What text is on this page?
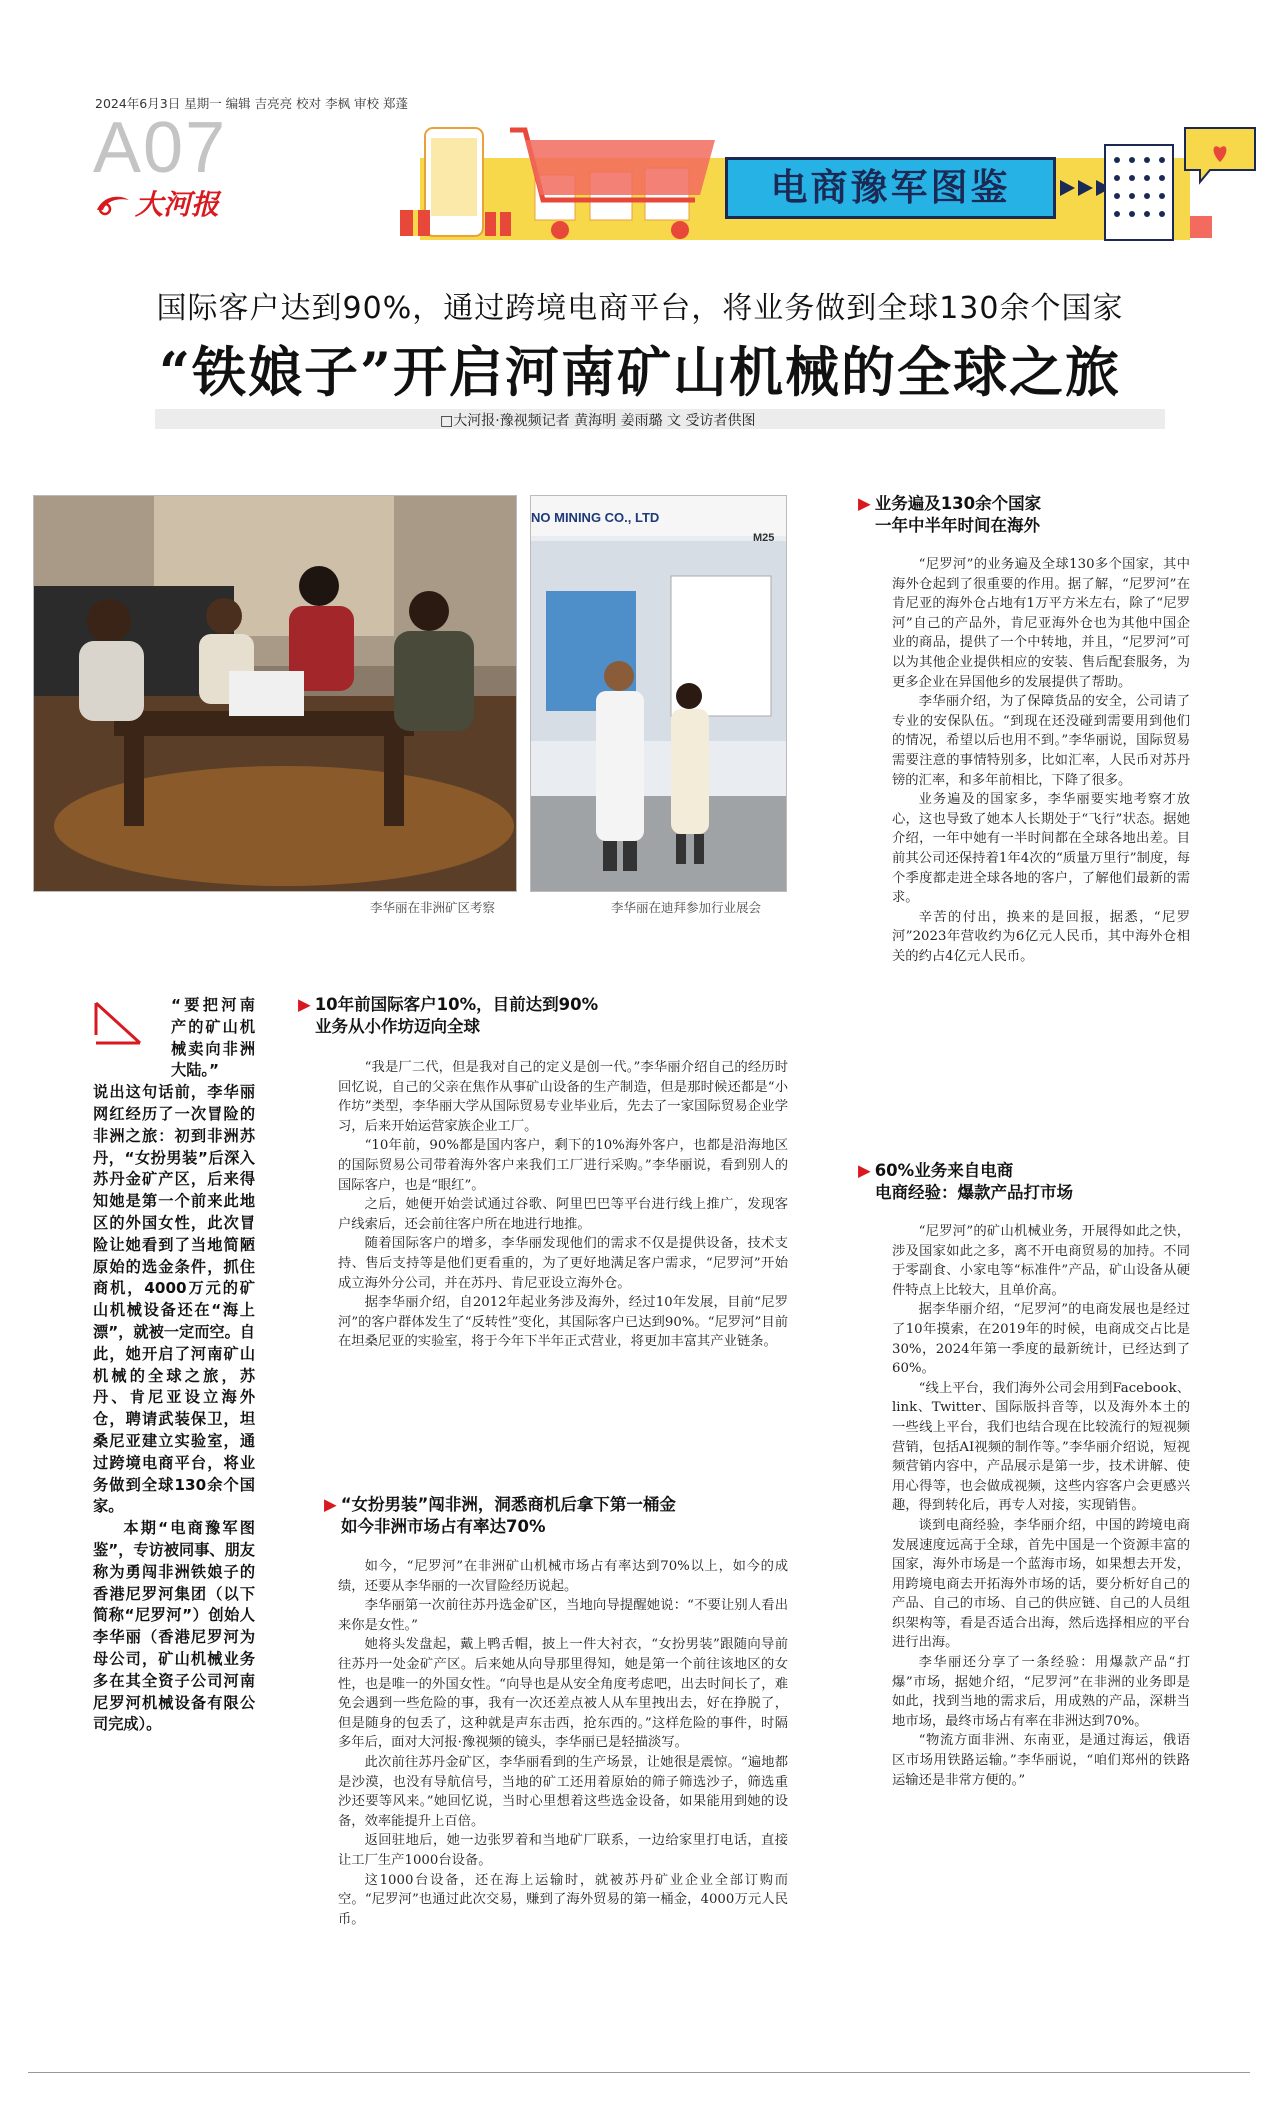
2024年6月3日 星期一 编辑 吉亮亮 校对 李枫 审校 郑蓬
A07
大河报	电商豫军图鉴
国际客户达到90%，通过跨境电商平台，将业务做到全球130余个国家
“铁娘子”开启河南矿山机械的全球之旅
□大河报·豫视频记者 黄海明 姜雨璐 文 受访者供图
李华丽在非洲矿区考察
NO MINING CO., LTD
M25
李华丽在迪拜参加行业展会

“要把河南产的矿山机械卖向非洲大陆。”

说出这句话前，李华丽网红经历了一次冒险的非洲之旅：初到非洲苏丹，“女扮男装”后深入苏丹金矿产区，后来得知她是第一个前来此地区的外国女性，此次冒险让她看到了当地简陋原始的选金条件，抓住商机，4000万元的矿山机械设备还在“海上漂”，就被一定而空。自此，她开启了河南矿山机械的全球之旅，苏丹、肯尼亚设立海外仓，聘请武装保卫，坦桑尼亚建立实验室，通过跨境电商平台，将业务做到全球130余个国家。

本期“电商豫军图鉴”，专访被同事、朋友称为勇闯非洲铁娘子的香港尼罗河集团（以下简称“尼罗河”）创始人李华丽（香港尼罗河为母公司，矿山机械业务多在其全资子公司河南尼罗河机械设备有限公司完成）。

▶ 10年前国际客户10%，目前达到90%
业务从小作坊迈向全球

“我是厂二代，但是我对自己的定义是创一代。”李华丽介绍自己的经历时回忆说，自己的父亲在焦作从事矿山设备的生产制造，但是那时候还都是“小作坊”类型，李华丽大学从国际贸易专业毕业后，先去了一家国际贸易企业学习，后来开始运营家族企业工厂。

“10年前，90%都是国内客户，剩下的10%海外客户，也都是沿海地区的国际贸易公司带着海外客户来我们工厂进行采购。”李华丽说，看到别人的国际客户，也是“眼红”。

之后，她便开始尝试通过谷歌、阿里巴巴等平台进行线上推广，发现客户线索后，还会前往客户所在地进行地推。

随着国际客户的增多，李华丽发现他们的需求不仅是提供设备，技术支持、售后支持等是他们更看重的，为了更好地满足客户需求，“尼罗河”开始成立海外分公司，并在苏丹、肯尼亚设立海外仓。

据李华丽介绍，自2012年起业务涉及海外，经过10年发展，目前“尼罗河”的客户群体发生了“反转性”变化，其国际客户已达到90%。“尼罗河”目前在坦桑尼亚的实验室，将于今年下半年正式营业，将更加丰富其产业链条。

▶ “女扮男装”闯非洲，洞悉商机后拿下第一桶金
如今非洲市场占有率达70%

如今，“尼罗河”在非洲矿山机械市场占有率达到70%以上，如今的成绩，还要从李华丽的一次冒险经历说起。

李华丽第一次前往苏丹选金矿区，当地向导提醒她说：“不要让别人看出来你是女性。”

她将头发盘起，戴上鸭舌帽，披上一件大衬衣，“女扮男装”跟随向导前往苏丹一处金矿产区。后来她从向导那里得知，她是第一个前往该地区的女性，也是唯一的外国女性。“向导也是从安全角度考虑吧，出去时间长了，难免会遇到一些危险的事，我有一次还差点被人从车里拽出去，好在挣脱了，但是随身的包丢了，这种就是声东击西，抢东西的。”这样危险的事件，时隔多年后，面对大河报·豫视频的镜头，李华丽已是轻描淡写。

此次前往苏丹金矿区，李华丽看到的生产场景，让她很是震惊。“遍地都是沙漠，也没有导航信号，当地的矿工还用着原始的筛子筛选沙子，筛选重沙还要等风来。”她回忆说，当时心里想着这些选金设备，如果能用到她的设备，效率能提升上百倍。

返回驻地后，她一边张罗着和当地矿厂联系，一边给家里打电话，直接让工厂生产1000台设备。

这1000台设备，还在海上运输时，就被苏丹矿业企业全部订购而空。“尼罗河”也通过此次交易，赚到了海外贸易的第一桶金，4000万元人民币。

▶ 业务遍及130余个国家
一年中半年时间在海外

“尼罗河”的业务遍及全球130多个国家，其中海外仓起到了很重要的作用。据了解，“尼罗河”在肯尼亚的海外仓占地有1万平方米左右，除了“尼罗河”自己的产品外，肯尼亚海外仓也为其他中国企业的商品，提供了一个中转地，并且，“尼罗河”可以为其他企业提供相应的安装、售后配套服务，为更多企业在异国他乡的发展提供了帮助。

李华丽介绍，为了保障货品的安全，公司请了专业的安保队伍。“到现在还没碰到需要用到他们的情况，希望以后也用不到。”李华丽说，国际贸易需要注意的事情特别多，比如汇率，人民币对苏丹镑的汇率，和多年前相比，下降了很多。

业务遍及的国家多，李华丽要实地考察才放心，这也导致了她本人长期处于“飞行”状态。据她介绍，一年中她有一半时间都在全球各地出差。目前其公司还保持着1年4次的“质量万里行”制度，每个季度都走进全球各地的客户，了解他们最新的需求。

辛苦的付出，换来的是回报，据悉，“尼罗河”2023年营收约为6亿元人民币，其中海外仓相关的约占4亿元人民币。

▶ 60%业务来自电商
电商经验：爆款产品打市场

“尼罗河”的矿山机械业务，开展得如此之快，涉及国家如此之多，离不开电商贸易的加持。不同于零副食、小家电等“标准件”产品，矿山设备从硬件特点上比较大，且单价高。

据李华丽介绍，“尼罗河”的电商发展也是经过了10年摸索，在2019年的时候，电商成交占比是30%，2024年第一季度的最新统计，已经达到了60%。

“线上平台，我们海外公司会用到Facebook、link、Twitter、国际版抖音等，以及海外本土的一些线上平台，我们也结合现在比较流行的短视频营销，包括AI视频的制作等。”李华丽介绍说，短视频营销内容中，产品展示是第一步，技术讲解、使用心得等，也会做成视频，这些内容客户会更感兴趣，得到转化后，再专人对接，实现销售。

谈到电商经验，李华丽介绍，中国的跨境电商发展速度远高于全球，首先中国是一个资源丰富的国家，海外市场是一个蓝海市场，如果想去开发，用跨境电商去开拓海外市场的话，要分析好自己的产品、自己的市场、自己的供应链、自己的人员组织架构等，看是否适合出海，然后选择相应的平台进行出海。

李华丽还分享了一条经验：用爆款产品“打爆”市场，据她介绍，“尼罗河”在非洲的业务即是如此，找到当地的需求后，用成熟的产品，深耕当地市场，最终市场占有率在非洲达到70%。

“物流方面非洲、东南亚，是通过海运，俄语区市场用铁路运输。”李华丽说，“咱们郑州的铁路运输还是非常方便的。”
